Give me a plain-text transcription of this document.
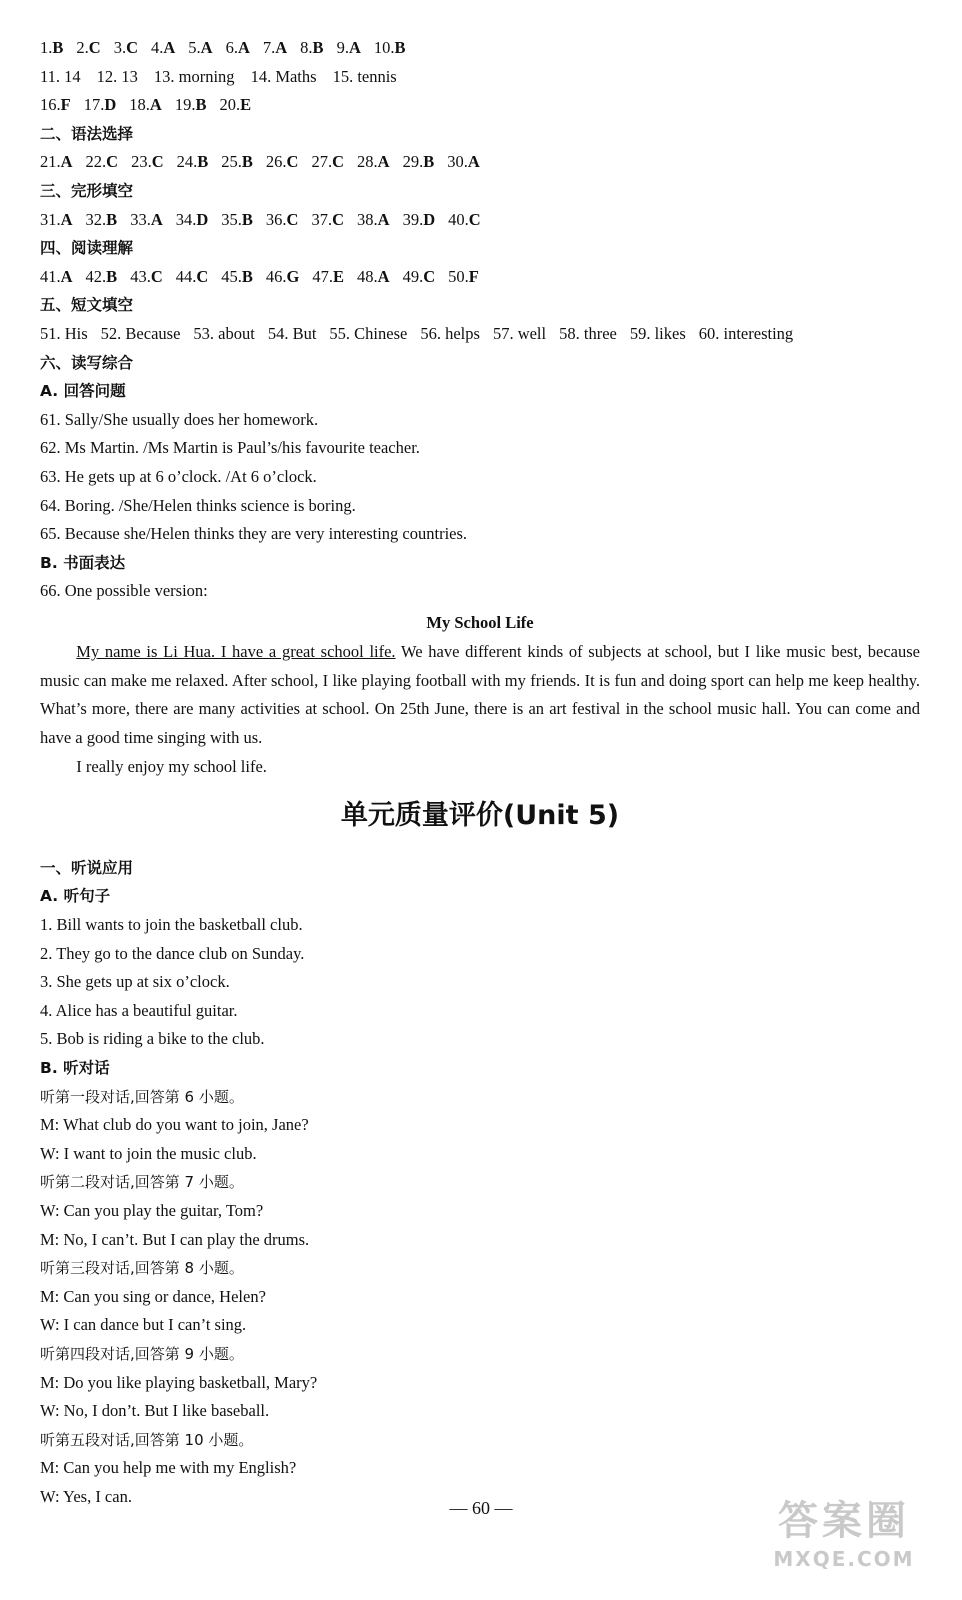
1.B 2.C 3.C 4.A 5.A 6.A 7.A 8.B 9.A 10.B
11. 14 12. 13 13. morning 14. Maths 15. tennis
16.F 17.D 18.A 19.B 20.E
二、语法选择
21.A 22.C 23.C 24.B 25.B 26.C 27.C 28.A 29.B 30.A
三、完形填空
31.A 32.B 33.A 34.D 35.B 36.C 37.C 38.A 39.D 40.C
四、阅读理解
41.A 42.B 43.C 44.C 45.B 46.G 47.E 48.A 49.C 50.F
五、短文填空
51. His 52. Because 53. about 54. But 55. Chinese 56. helps 57. well 58. three 59. likes 60. interesting
六、读写综合
A. 回答问题
61. Sally/She usually does her homework.
62. Ms Martin. /Ms Martin is Paul’s/his favourite teacher.
63. He gets up at 6 o’clock. /At 6 o’clock.
64. Boring. /She/Helen thinks science is boring.
65. Because she/Helen thinks they are very interesting countries.
B. 书面表达
66. One possible version:
My School Life
My name is Li Hua. I have a great school life. We have different kinds of subjects at school, but I like music best, because music can make me relaxed. After school, I like playing football with my friends. It is fun and doing sport can help me keep healthy. What’s more, there are many activities at school. On 25th June, there is an art festival in the school music hall. You can come and have a good time singing with us.
I really enjoy my school life.
单元质量评价(Unit 5)
一、听说应用
A. 听句子
1. Bill wants to join the basketball club.
2. They go to the dance club on Sunday.
3. She gets up at six o’clock.
4. Alice has a beautiful guitar.
5. Bob is riding a bike to the club.
B. 听对话
听第一段对话,回答第 6 小题。
M: What club do you want to join, Jane?
W: I want to join the music club.
听第二段对话,回答第 7 小题。
W: Can you play the guitar, Tom?
M: No, I can’t. But I can play the drums.
听第三段对话,回答第 8 小题。
M: Can you sing or dance, Helen?
W: I can dance but I can’t sing.
听第四段对话,回答第 9 小题。
M: Do you like playing basketball, Mary?
W: No, I don’t. But I like baseball.
听第五段对话,回答第 10 小题。
M: Can you help me with my English?
W: Yes, I can.
— 60 —	答案圈
MXQE.COM
